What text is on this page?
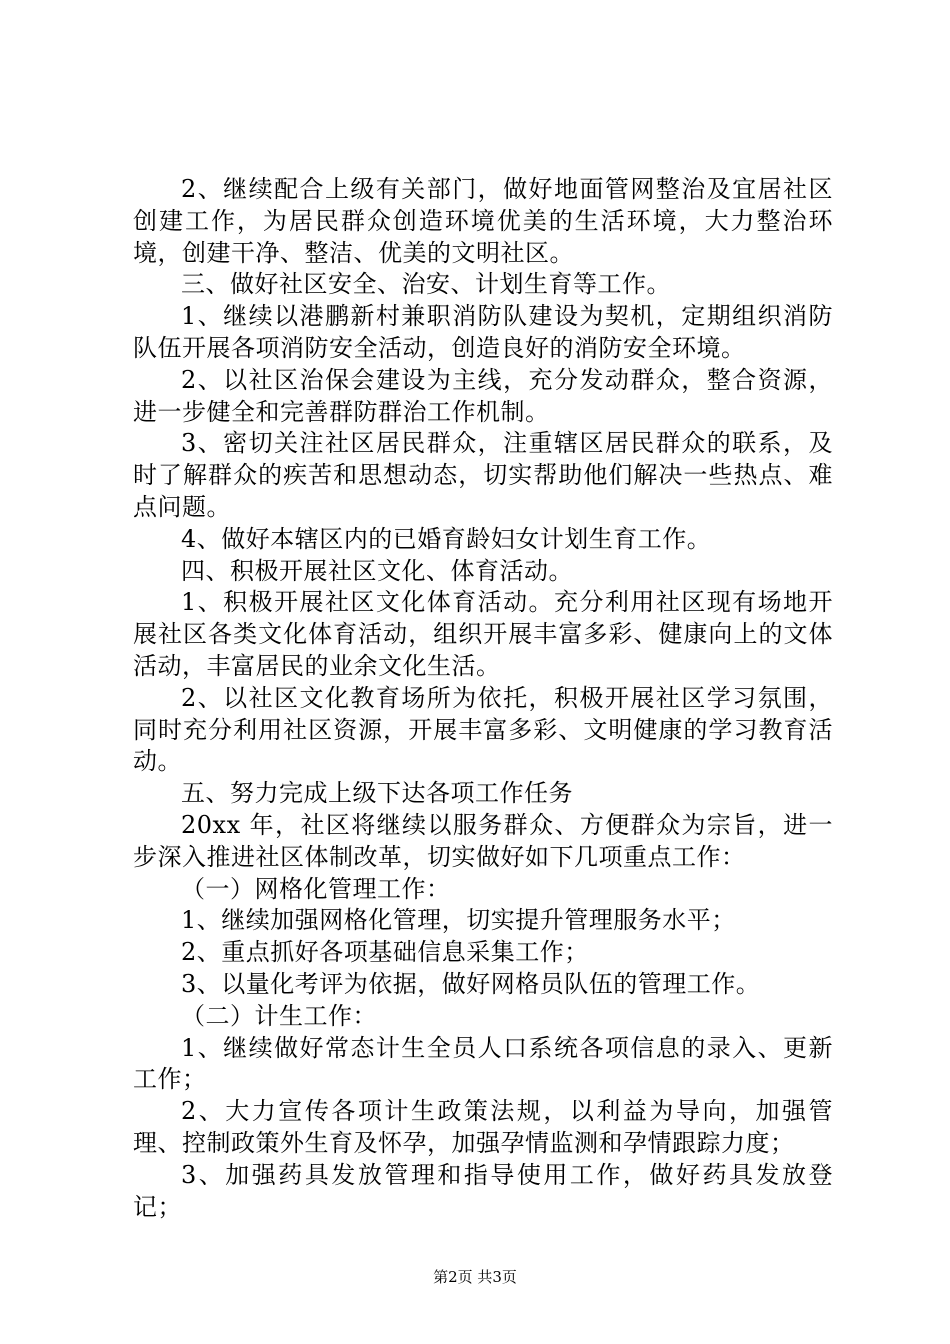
2、继续配合上级有关部门，做好地面管网整治及宜居社区创建工作，为居民群众创造环境优美的生活环境，大力整治环境，创建干净、整洁、优美的文明社区。

三、做好社区安全、治安、计划生育等工作。

1、继续以港鹏新村兼职消防队建设为契机，定期组织消防队伍开展各项消防安全活动，创造良好的消防安全环境。

2、以社区治保会建设为主线，充分发动群众，整合资源，进一步健全和完善群防群治工作机制。

3、密切关注社区居民群众，注重辖区居民群众的联系，及时了解群众的疾苦和思想动态，切实帮助他们解决一些热点、难点问题。

4、做好本辖区内的已婚育龄妇女计划生育工作。

四、积极开展社区文化、体育活动。

1、积极开展社区文化体育活动。充分利用社区现有场地开展社区各类文化体育活动，组织开展丰富多彩、健康向上的文体活动，丰富居民的业余文化生活。

2、以社区文化教育场所为依托，积极开展社区学习氛围，同时充分利用社区资源，开展丰富多彩、文明健康的学习教育活动。

五、努力完成上级下达各项工作任务

20xx 年，社区将继续以服务群众、方便群众为宗旨，进一步深入推进社区体制改革，切实做好如下几项重点工作：

（一）网格化管理工作：

1、继续加强网格化管理，切实提升管理服务水平；

2、重点抓好各项基础信息采集工作；

3、以量化考评为依据，做好网格员队伍的管理工作。

（二）计生工作：

1、继续做好常态计生全员人口系统各项信息的录入、更新工作；

2、大力宣传各项计生政策法规，以利益为导向，加强管理、控制政策外生育及怀孕，加强孕情监测和孕情跟踪力度；

3、加强药具发放管理和指导使用工作，做好药具发放登记；

第2页 共3页
